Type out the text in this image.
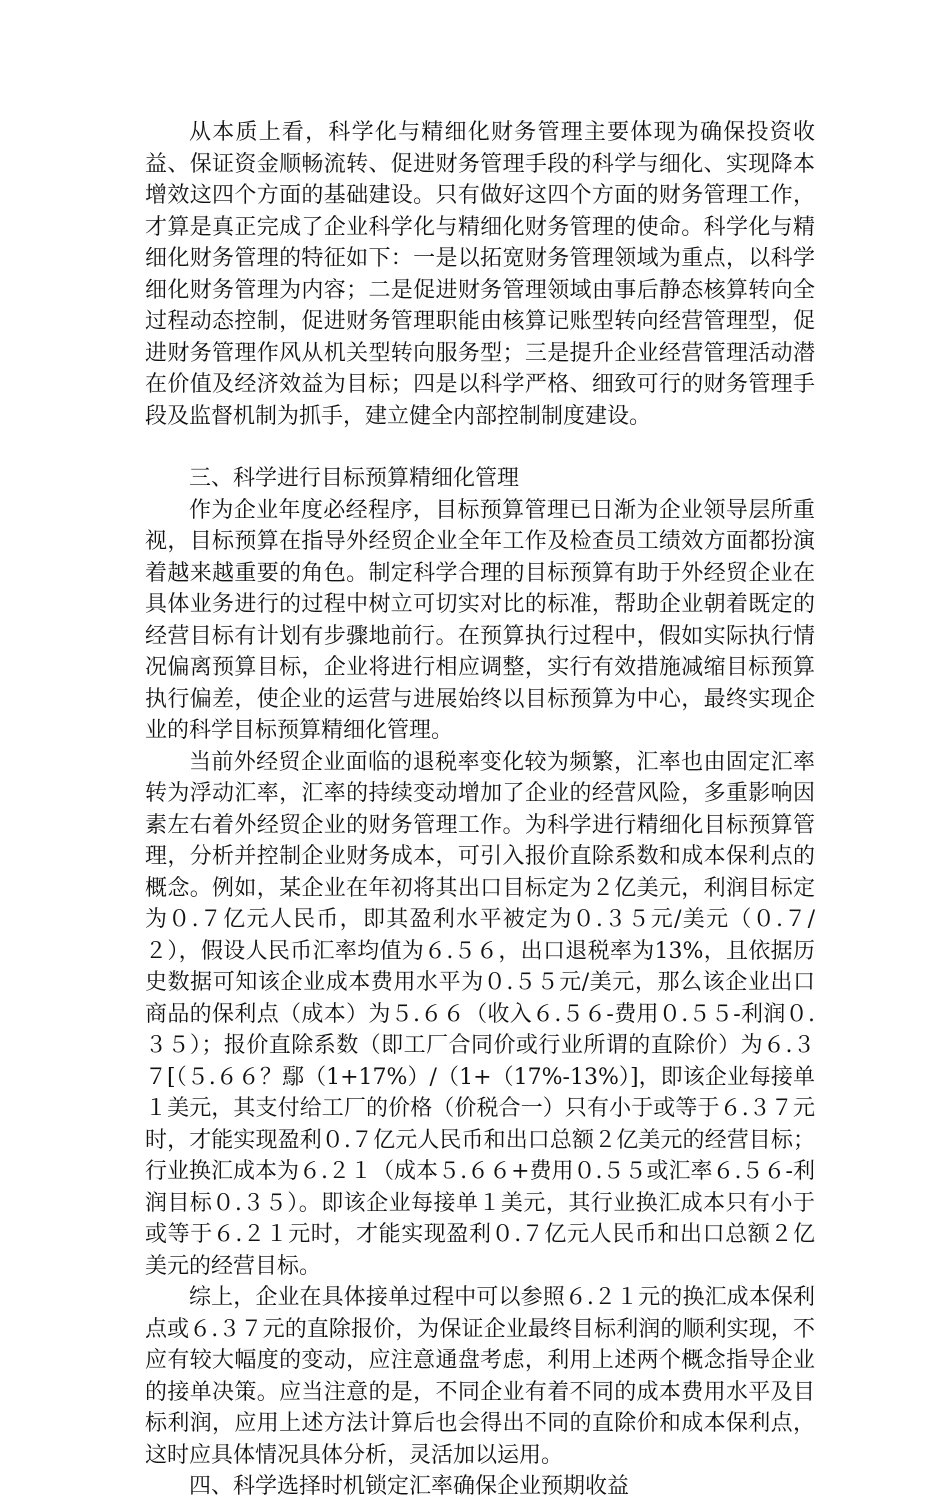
从本质上看，科学化与精细化财务管理主要体现为确保投资收益、保证资金顺畅流转、促进财务管理手段的科学与细化、实现降本增效这四个方面的基础建设。只有做好这四个方面的财务管理工作，才算是真正完成了企业科学化与精细化财务管理的使命。科学化与精细化财务管理的特征如下：一是以拓宽财务管理领域为重点，以科学细化财务管理为内容；二是促进财务管理领域由事后静态核算转向全过程动态控制，促进财务管理职能由核算记账型转向经营管理型，促进财务管理作风从机关型转向服务型；三是提升企业经营管理活动潜在价值及经济效益为目标；四是以科学严格、细致可行的财务管理手段及监督机制为抓手，建立健全内部控制制度建设。

三、科学进行目标预算精细化管理

作为企业年度必经程序，目标预算管理已日渐为企业领导层所重视，目标预算在指导外经贸企业全年工作及检查员工绩效方面都扮演着越来越重要的角色。制定科学合理的目标预算有助于外经贸企业在具体业务进行的过程中树立可切实对比的标准，帮助企业朝着既定的经营目标有计划有步骤地前行。在预算执行过程中，假如实际执行情况偏离预算目标，企业将进行相应调整，实行有效措施减缩目标预算执行偏差，使企业的运营与进展始终以目标预算为中心，最终实现企业的科学目标预算精细化管理。

当前外经贸企业面临的退税率变化较为频繁，汇率也由固定汇率转为浮动汇率，汇率的持续变动增加了企业的经营风险，多重影响因素左右着外经贸企业的财务管理工作。为科学进行精细化目标预算管理，分析并控制企业财务成本，可引入报价直除系数和成本保利点的概念。例如，某企业在年初将其出口目标定为２亿美元，利润目标定为０.７亿元人民币，即其盈利水平被定为０.３５元/美元（０.７/２），假设人民币汇率均值为６.５６，出口退税率为13%，且依据历史数据可知该企业成本费用水平为０.５５元/美元，那么该企业出口商品的保利点（成本）为５.６６（收入６.５６-费用０.５５-利润０.３５）；报价直除系数（即工厂合同价或行业所谓的直除价）为６.３７[（５.６６？鄢（1+17%）/（1+（17%-13%）]，即该企业每接单１美元，其支付给工厂的价格（价税合一）只有小于或等于６.３７元时，才能实现盈利０.７亿元人民币和出口总额２亿美元的经营目标；行业换汇成本为６.２１（成本５.６６+费用０.５５或汇率６.５６-利润目标０.３５）。即该企业每接单１美元，其行业换汇成本只有小于或等于６.２１元时，才能实现盈利０.７亿元人民币和出口总额２亿美元的经营目标。

综上，企业在具体接单过程中可以参照６.２１元的换汇成本保利点或６.３７元的直除报价，为保证企业最终目标利润的顺利实现，不应有较大幅度的变动，应注意通盘考虑，利用上述两个概念指导企业的接单决策。应当注意的是，不同企业有着不同的成本费用水平及目标利润，应用上述方法计算后也会得出不同的直除价和成本保利点，这时应具体情况具体分析，灵活加以运用。

四、科学选择时机锁定汇率确保企业预期收益
